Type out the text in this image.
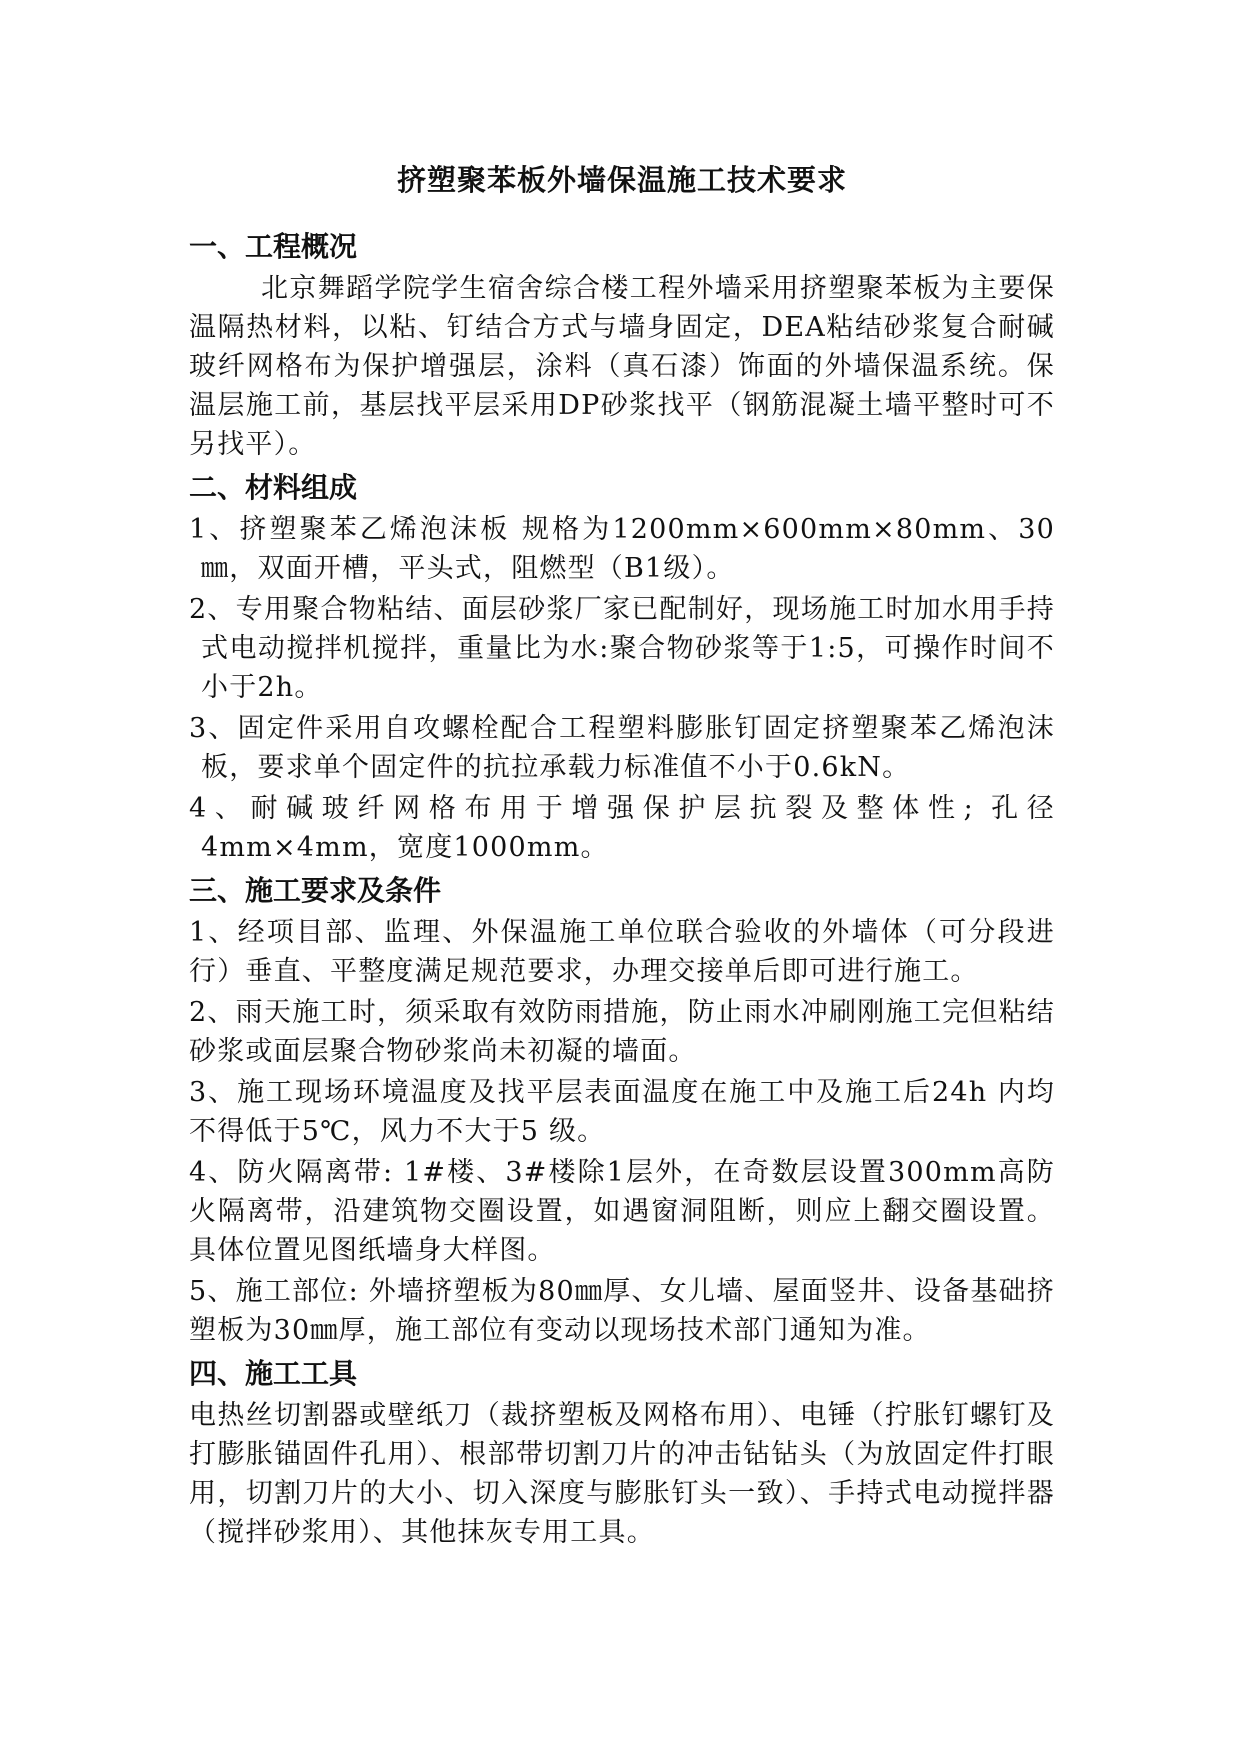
挤塑聚苯板外墙保温施工技术要求
一、工程概况

北京舞蹈学院学生宿舍综合楼工程外墙采用挤塑聚苯板为主要保温隔热材料，以粘、钉结合方式与墙身固定，DEA粘结砂浆复合耐碱玻纤网格布为保护增强层，涂料（真石漆）饰面的外墙保温系统。保温层施工前，基层找平层采用DP砂浆找平（钢筋混凝土墙平整时可不另找平）。

二、材料组成

1、挤塑聚苯乙烯泡沫板 规格为1200mm×600mm×80mm、30㎜，双面开槽，平头式，阻燃型（B1级）。

2、专用聚合物粘结、面层砂浆厂家已配制好，现场施工时加水用手持式电动搅拌机搅拌，重量比为水:聚合物砂浆等于1:5，可操作时间不小于2h。

3、固定件采用自攻螺栓配合工程塑料膨胀钉固定挤塑聚苯乙烯泡沫板，要求单个固定件的抗拉承载力标准值不小于0.6kN。

4、耐碱玻纤网格布用于增强保护层抗裂及整体性; 孔径4mm×4mm，宽度1000mm。

三、施工要求及条件

1、经项目部、监理、外保温施工单位联合验收的外墙体（可分段进行）垂直、平整度满足规范要求，办理交接单后即可进行施工。

2、雨天施工时，须采取有效防雨措施，防止雨水冲刷刚施工完但粘结砂浆或面层聚合物砂浆尚未初凝的墙面。

3、施工现场环境温度及找平层表面温度在施工中及施工后24h 内均不得低于5℃，风力不大于5 级。

4、防火隔离带: 1#楼、3#楼除1层外，在奇数层设置300mm高防火隔离带，沿建筑物交圈设置，如遇窗洞阻断，则应上翻交圈设置。具体位置见图纸墙身大样图。

5、施工部位: 外墙挤塑板为80㎜厚、女儿墙、屋面竖井、设备基础挤塑板为30㎜厚，施工部位有变动以现场技术部门通知为准。

四、施工工具

电热丝切割器或壁纸刀（裁挤塑板及网格布用）、电锤（拧胀钉螺钉及打膨胀锚固件孔用）、根部带切割刀片的冲击钻钻头（为放固定件打眼用，切割刀片的大小、切入深度与膨胀钉头一致）、手持式电动搅拌器（搅拌砂浆用）、其他抹灰专用工具。
